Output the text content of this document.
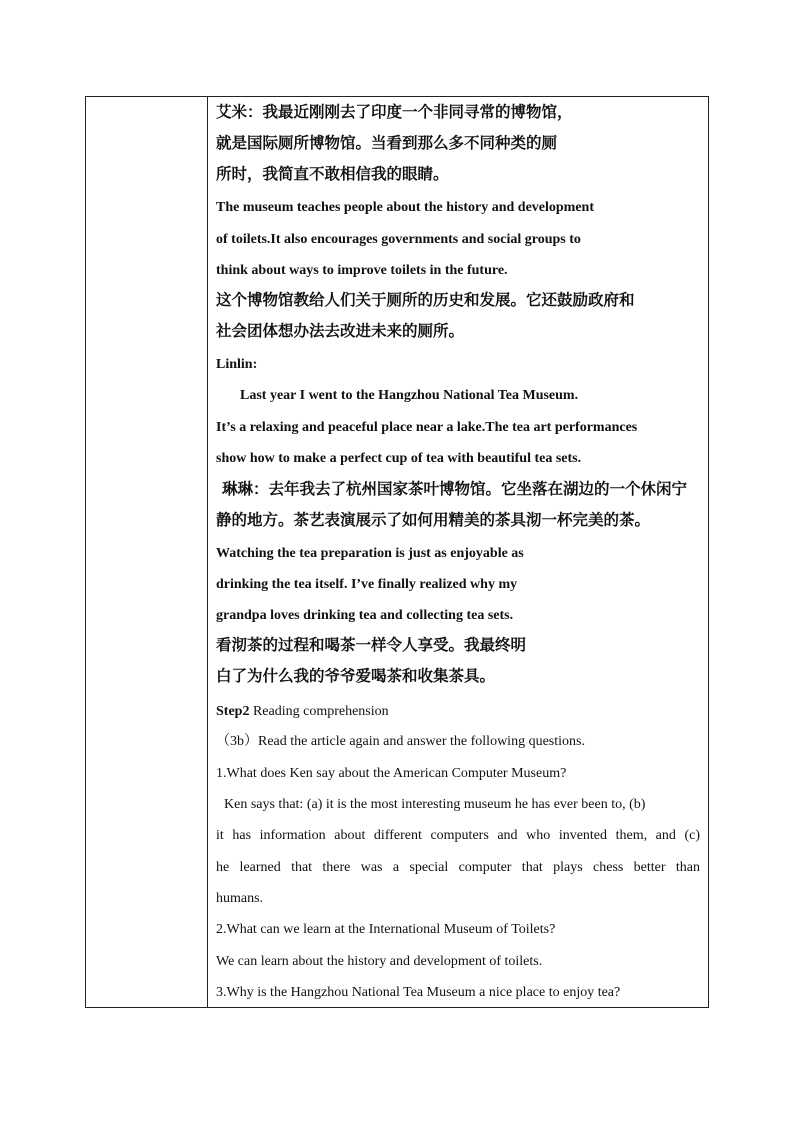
艾米：我最近刚刚去了印度一个非同寻常的博物馆，
就是国际厕所博物馆。当看到那么多不同种类的厕
所时，我简直不敢相信我的眼睛。
The museum teaches people about the history and development
of toilets.It also encourages governments and social groups to
think about ways to improve toilets in the future.
这个博物馆教给人们关于厕所的历史和发展。它还鼓励政府和
社会团体想办法去改进未来的厕所。
Linlin:
Last year I went to the Hangzhou National Tea Museum.
It’s a relaxing and peaceful place near a lake.The tea art performances
show how to make a perfect cup of tea with beautiful tea sets.
琳琳：去年我去了杭州国家茶叶博物馆。它坐落在湖边的一个休闲宁
静的地方。茶艺表演展示了如何用精美的茶具沏一杯完美的茶。
Watching the tea preparation is just as enjoyable as
drinking the tea itself. I’ve finally realized why my
grandpa loves drinking tea and collecting tea sets.
看沏茶的过程和喝茶一样令人享受。我最终明
白了为什么我的爷爷爱喝茶和收集茶具。
Step2 Reading comprehension
（3b）Read the article again and answer the following questions.
1.What does Ken say about the American Computer Museum?
Ken says that: (a) it is the most interesting museum he has ever been to, (b)
it has information about different computers and who invented them, and (c)
he learned that there was a special computer that plays chess better than
humans.
2.What can we learn at the International Museum of Toilets?
We can learn about the history and development of toilets.
3.Why is the Hangzhou National Tea Museum a nice place to enjoy tea?
